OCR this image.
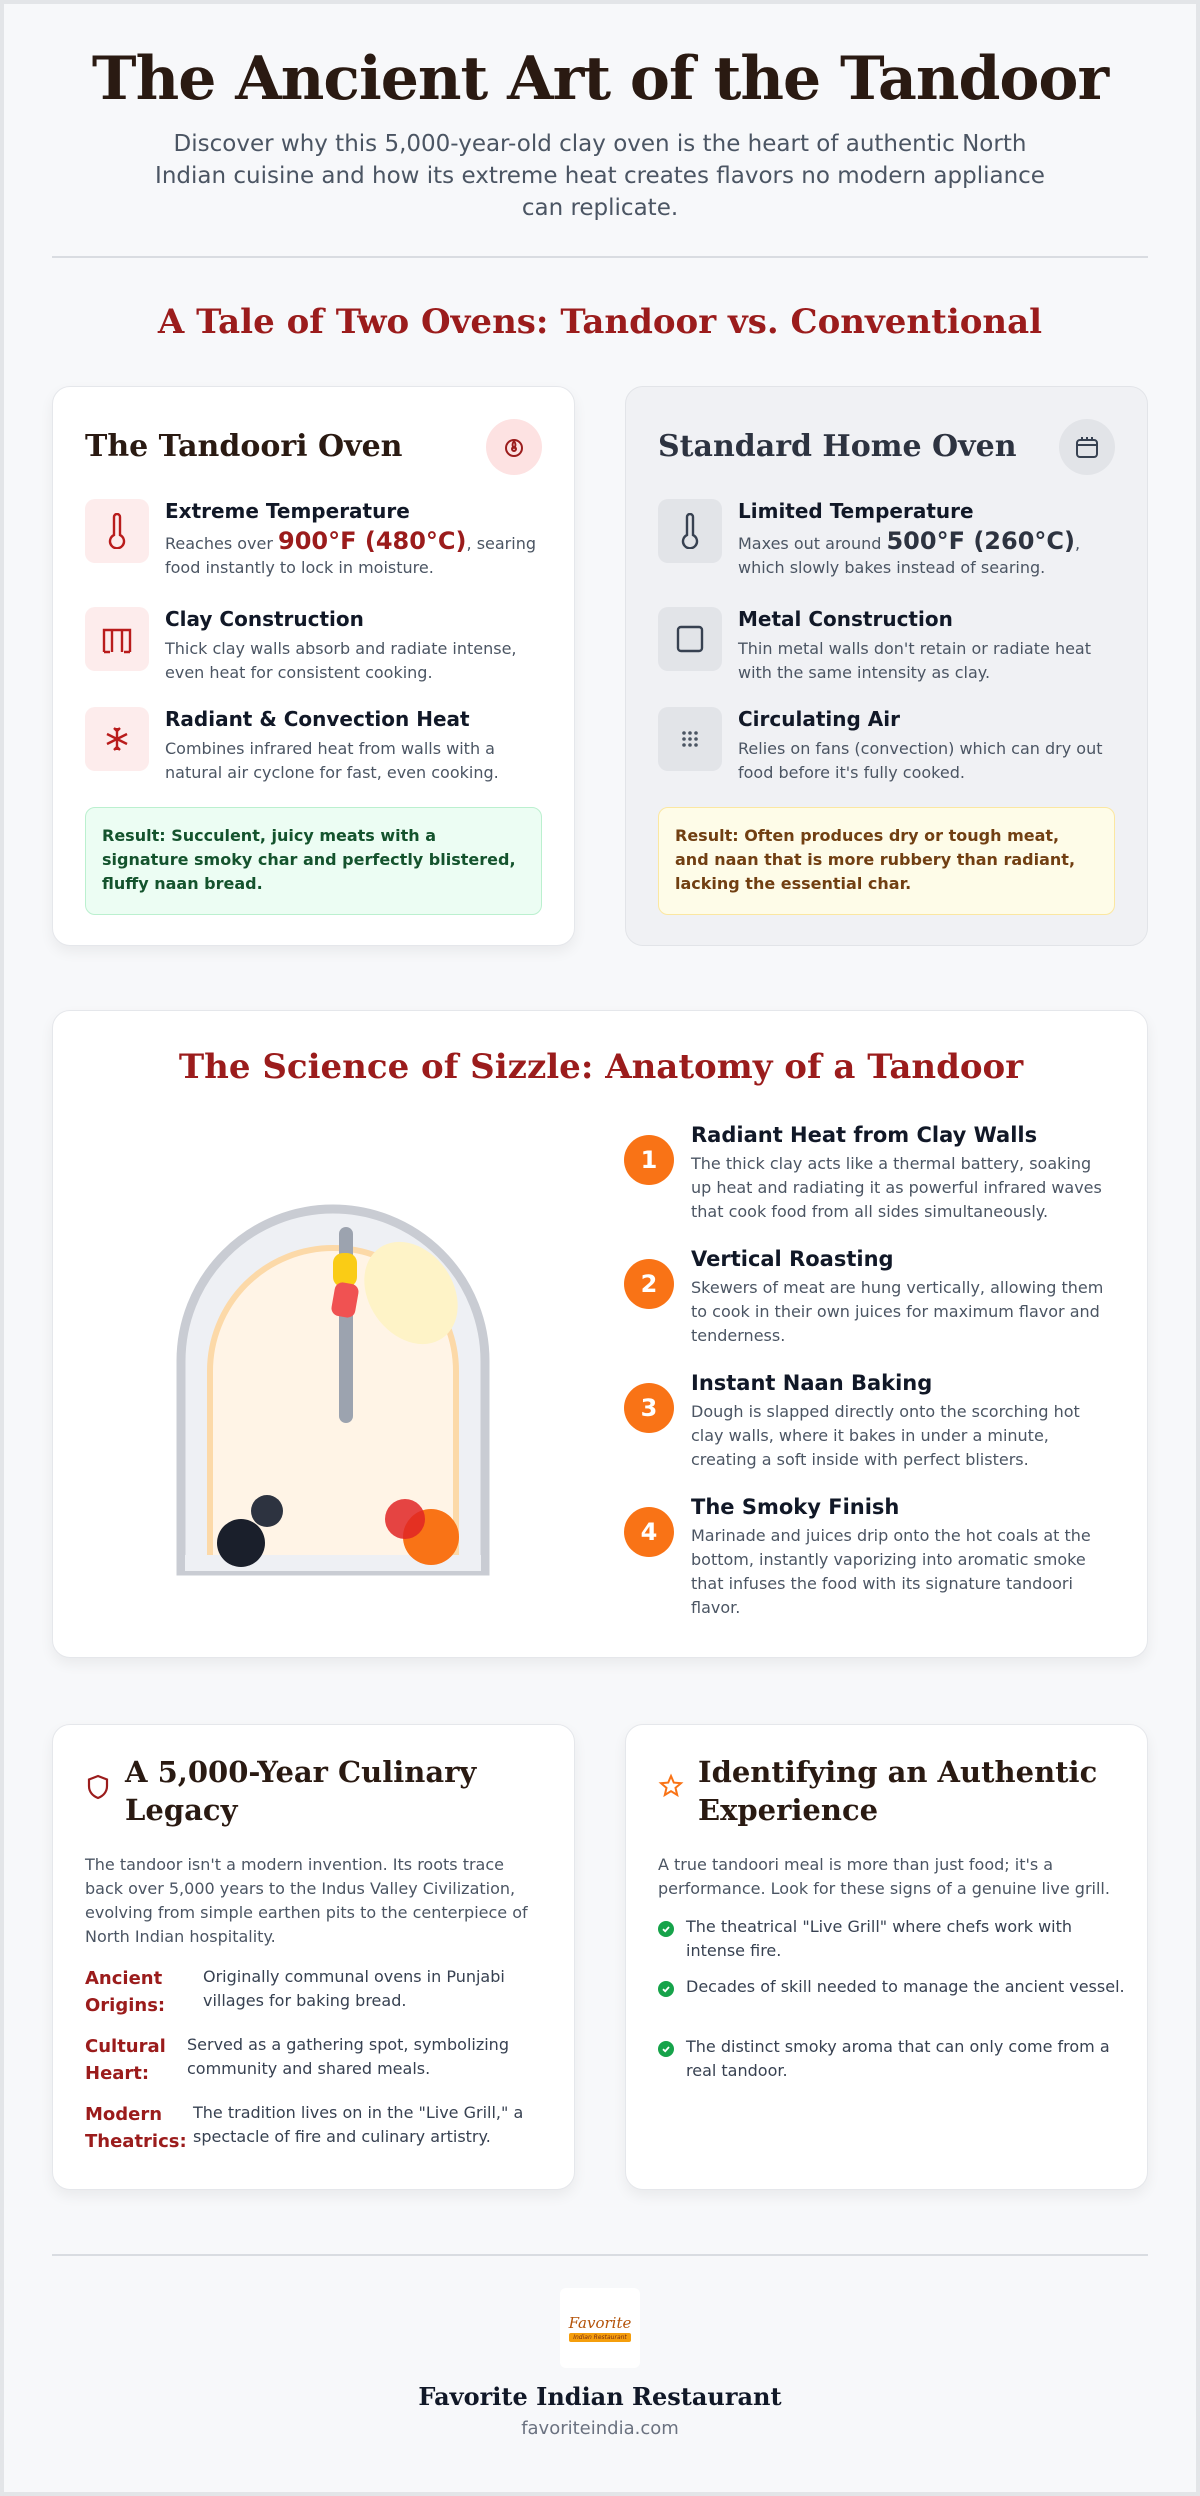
The Ancient Art of the Tandoor

Discover why this 5,000-year-old clay oven is the heart of authentic North Indian cuisine and how its extreme heat creates flavors no modern appliance can replicate.

A Tale of Two Ovens: Tandoor vs. Conventional
The Tandoori Oven
Extreme Temperature
Reaches over 900°F (480°C), searing food instantly to lock in moisture.
Clay Construction
Thick clay walls absorb and radiate intense, even heat for consistent cooking.
Radiant & Convection Heat
Combines infrared heat from walls with a natural air cyclone for fast, even cooking.
Result: Succulent, juicy meats with a signature smoky char and perfectly blistered, fluffy naan bread.
Standard Home Oven
Limited Temperature
Maxes out around 500°F (260°C), which slowly bakes instead of searing.
Metal Construction
Thin metal walls don't retain or radiate heat with the same intensity as clay.
Circulating Air
Relies on fans (convection) which can dry out food before it's fully cooked.
Result: Often produces dry or tough meat, and naan that is more rubbery than radiant, lacking the essential char.
The Science of Sizzle: Anatomy of a Tandoor
1
Radiant Heat from Clay Walls
The thick clay acts like a thermal battery, soaking up heat and radiating it as powerful infrared waves that cook food from all sides simultaneously.
2
Vertical Roasting
Skewers of meat are hung vertically, allowing them to cook in their own juices for maximum flavor and tenderness.
3
Instant Naan Baking
Dough is slapped directly onto the scorching hot clay walls, where it bakes in under a minute, creating a soft inside with perfect blisters.
4
The Smoky Finish
Marinade and juices drip onto the hot coals at the bottom, instantly vaporizing into aromatic smoke that infuses the food with its signature tandoori flavor.
A 5,000-Year Culinary Legacy
The tandoor isn't a modern invention. Its roots trace back over 5,000 years to the Indus Valley Civilization, evolving from simple earthen pits to the centerpiece of North Indian hospitality.
Ancient Origins:
Originally communal ovens in Punjabi villages for baking bread.
Cultural Heart:
Served as a gathering spot, symbolizing community and shared meals.
Modern Theatrics:
The tradition lives on in the "Live Grill," a spectacle of fire and culinary artistry.
Identifying an Authentic Experience
A true tandoori meal is more than just food; it's a performance. Look for these signs of a genuine live grill.
The theatrical "Live Grill" where chefs work with intense fire.
Decades of skill needed to manage the ancient vessel.
The distinct smoky aroma that can only come from a real tandoor.
Favorite
Indian Restaurant
Favorite Indian Restaurant
favoriteindia.com
